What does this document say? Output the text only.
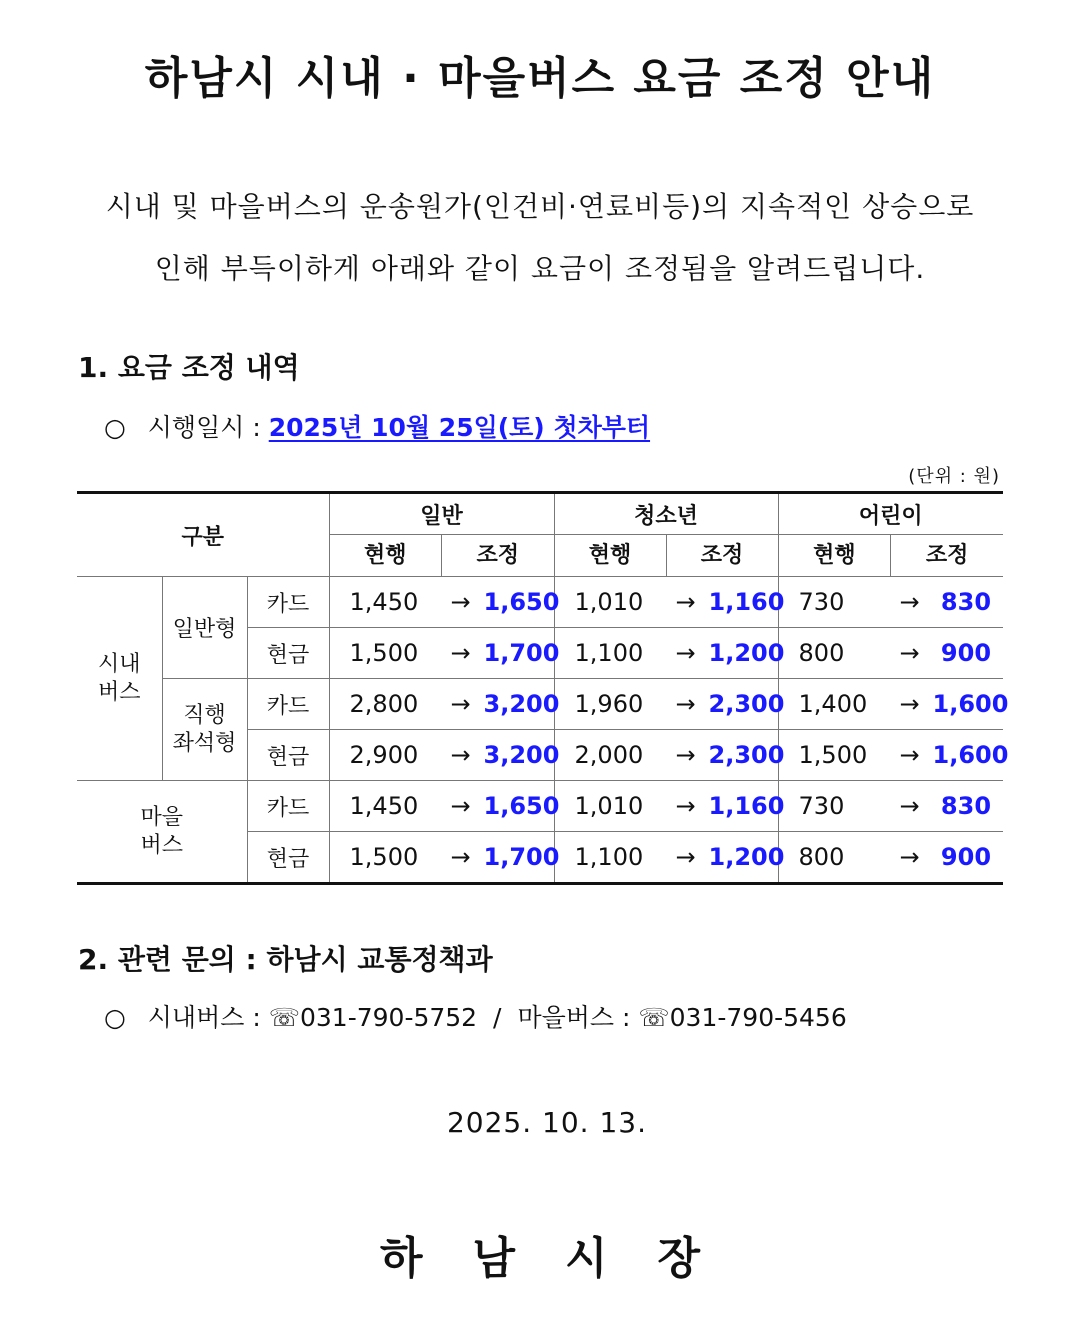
하남시 시내 · 마을버스 요금 조정 안내
시내 및 마을버스의 운송원가(인건비·연료비등)의 지속적인 상승으로
인해 부득이하게 아래와 같이 요금이 조정됨을 알려드립니다.
1. 요금 조정 내역
○ 시행일시 : 2025년 10월 25일(토) 첫차부터
(단위 : 원)
구분			일반	청소년	어린이

			현행 조정	현행 조정	현행 조정

시내
버스	일반형	카드	1,450 → 1,650	1,010 → 1,160	730 → 830

		현금	1,500 → 1,700	1,100 → 1,200	800 → 900

	직행
좌석형	카드	2,800 → 3,200	1,960 → 2,300	1,400 → 1,600

		현금	2,900 → 3,200	2,000 → 2,300	1,500 → 1,600

마을
버스		카드	1,450 → 1,650	1,010 → 1,160	730 → 830

		현금	1,500 → 1,700	1,100 → 1,200	800 → 900
2. 관련 문의 : 하남시 교통정책과
○ 시내버스 : ☏031-790-5752 / 마을버스 : ☏031-790-5456
2025. 10. 13.
하남시장
